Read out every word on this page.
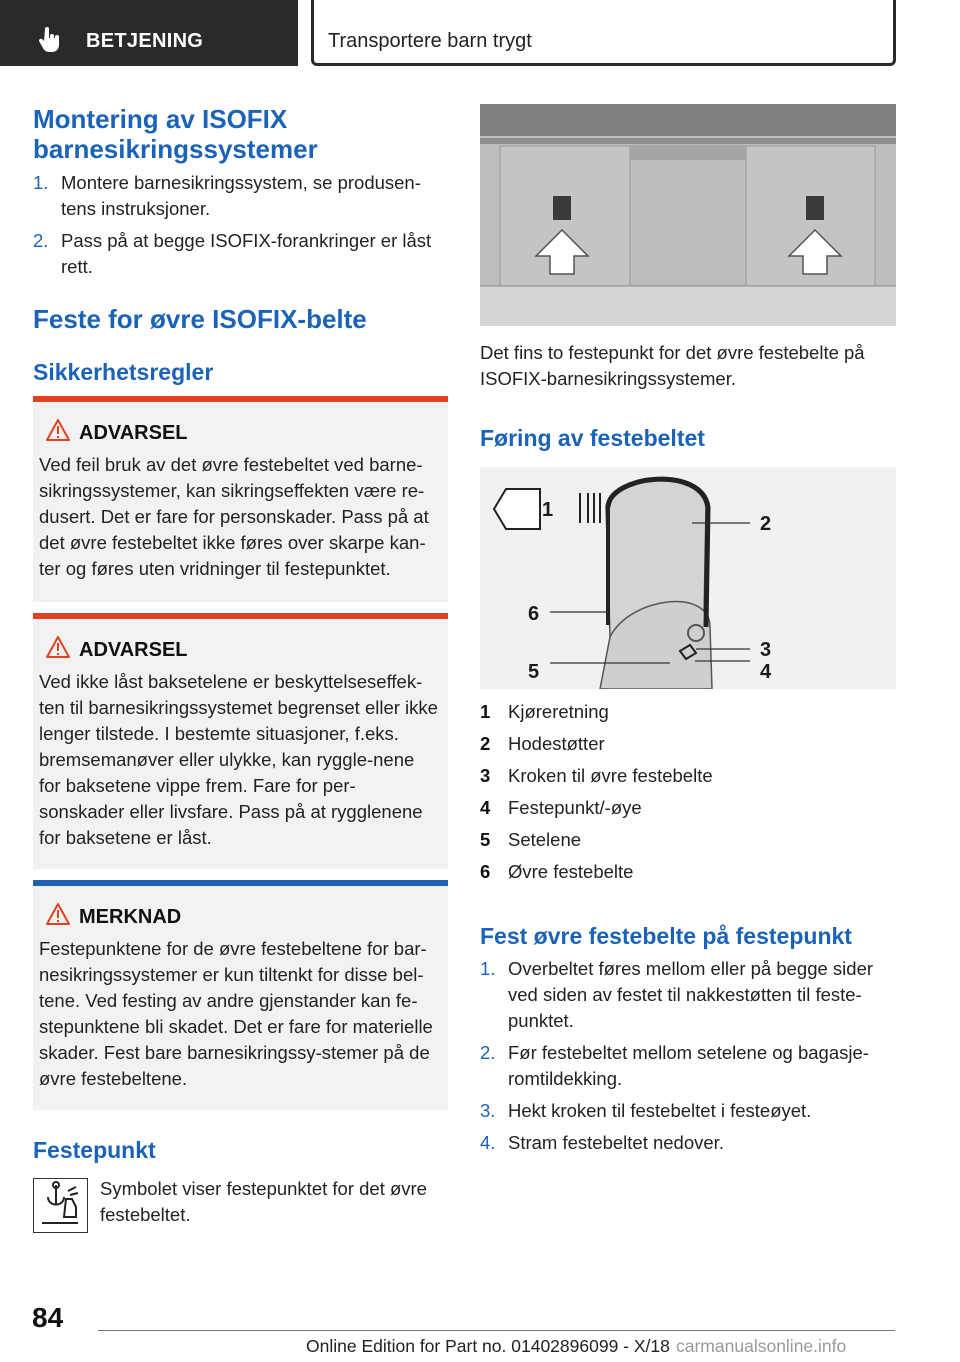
BETJENING	Transportere barn trygt
Montering av ISOFIX barnesikringssystemer
1. Montere barnesikringssystem, se produsen-tens instruksjoner.
2. Pass på at begge ISOFIX-forankringer er låst rett.
Feste for øvre ISOFIX-belte
Sikkerhetsregler
ADVARSEL
Ved feil bruk av det øvre festebeltet ved barne-sikringssystemer, kan sikringseffekten være re-dusert. Det er fare for personskader. Pass på at det øvre festebeltet ikke føres over skarpe kan-ter og føres uten vridninger til festepunktet.
ADVARSEL
Ved ikke låst baksetelene er beskyttelseseffek-ten til barnesikringssystemet begrenset eller ikke lenger tilstede. I bestemte situasjoner, f.eks. bremsemanøver eller ulykke, kan ryggle-nene for baksetene vippe frem. Fare for per-sonskader eller livsfare. Pass på at rygglenene for baksetene er låst.
MERKNAD
Festepunktene for de øvre festebeltene for bar-nesikringssystemer er kun tiltenkt for disse bel-tene. Ved festing av andre gjenstander kan fe-stepunktene bli skadet. Det er fare for materielle skader. Fest bare barnesikringssy-stemer på de øvre festebeltene.
Festepunkt

Symbolet viser festepunktet for det øvre festebeltet.

Det fins to festepunkt for det øvre festebelte på ISOFIX-barnesikringssystemer.

Føring av festebeltet
1
2
3
4
5
6
1 Kjøreretning
2 Hodestøtter
3 Kroken til øvre festebelte
4 Festepunkt/-øye
5 Setelene
6 Øvre festebelte
Fest øvre festebelte på festepunkt
1. Overbeltet føres mellom eller på begge sider ved siden av festet til nakkestøtten til feste-punktet.
2. Før festebeltet mellom setelene og bagasje-romtildekking.
3. Hekt kroken til festebeltet i festeøyet.
4. Stram festebeltet nedover.
84
Online Edition for Part no. 01402896099 - X/18 carmanualsonline.info
